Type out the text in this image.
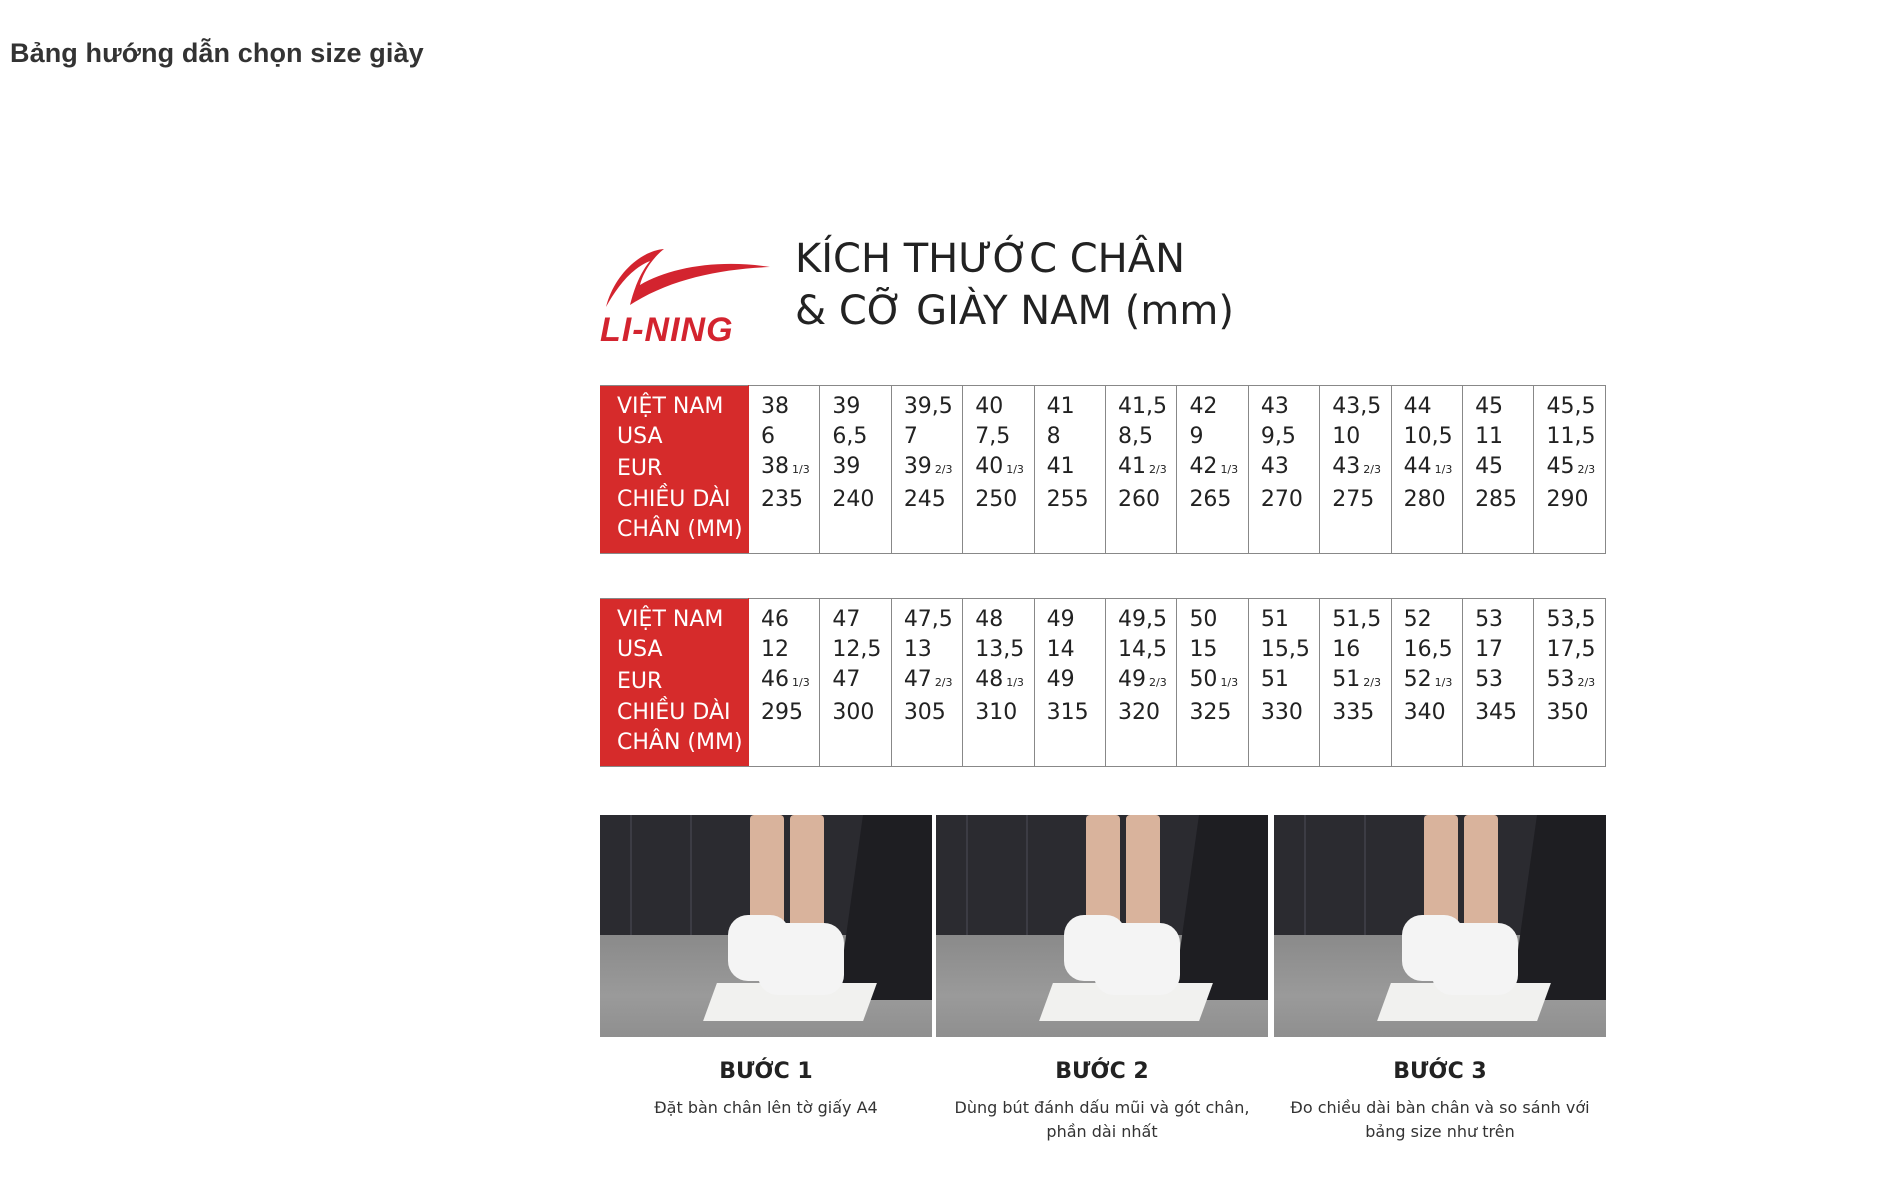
Bảng hướng dẫn chọn size giày
LI-NING
KÍCH THƯỚC CHÂN
& CỠ GIÀY NAM (mm)
VIỆT NAM	38	39	39,5	40	41	41,5	42	43	43,5	44	45	45,5
USA	6	6,5	7	7,5	8	8,5	9	9,5	10	10,5	11	11,5
EUR	38 1/3	39	39 2/3	40 1/3	41	41 2/3	42 1/3	43	43 2/3	44 1/3	45	45 2/3
CHIỀU DÀI	235	240	245	250	255	260	265	270	275	280	285	290
CHÂN (MM)												
VIỆT NAM	46	47	47,5	48	49	49,5	50	51	51,5	52	53	53,5
USA	12	12,5	13	13,5	14	14,5	15	15,5	16	16,5	17	17,5
EUR	46 1/3	47	47 2/3	48 1/3	49	49 2/3	50 1/3	51	51 2/3	52 1/3	53	53 2/3
CHIỀU DÀI	295	300	305	310	315	320	325	330	335	340	345	350
CHÂN (MM)												
BƯỚC 1
Đặt bàn chân lên tờ giấy A4
BƯỚC 2
Dùng bút đánh dấu mũi và gót chân, phần dài nhất
BƯỚC 3
Đo chiều dài bàn chân và so sánh với bảng size như trên
